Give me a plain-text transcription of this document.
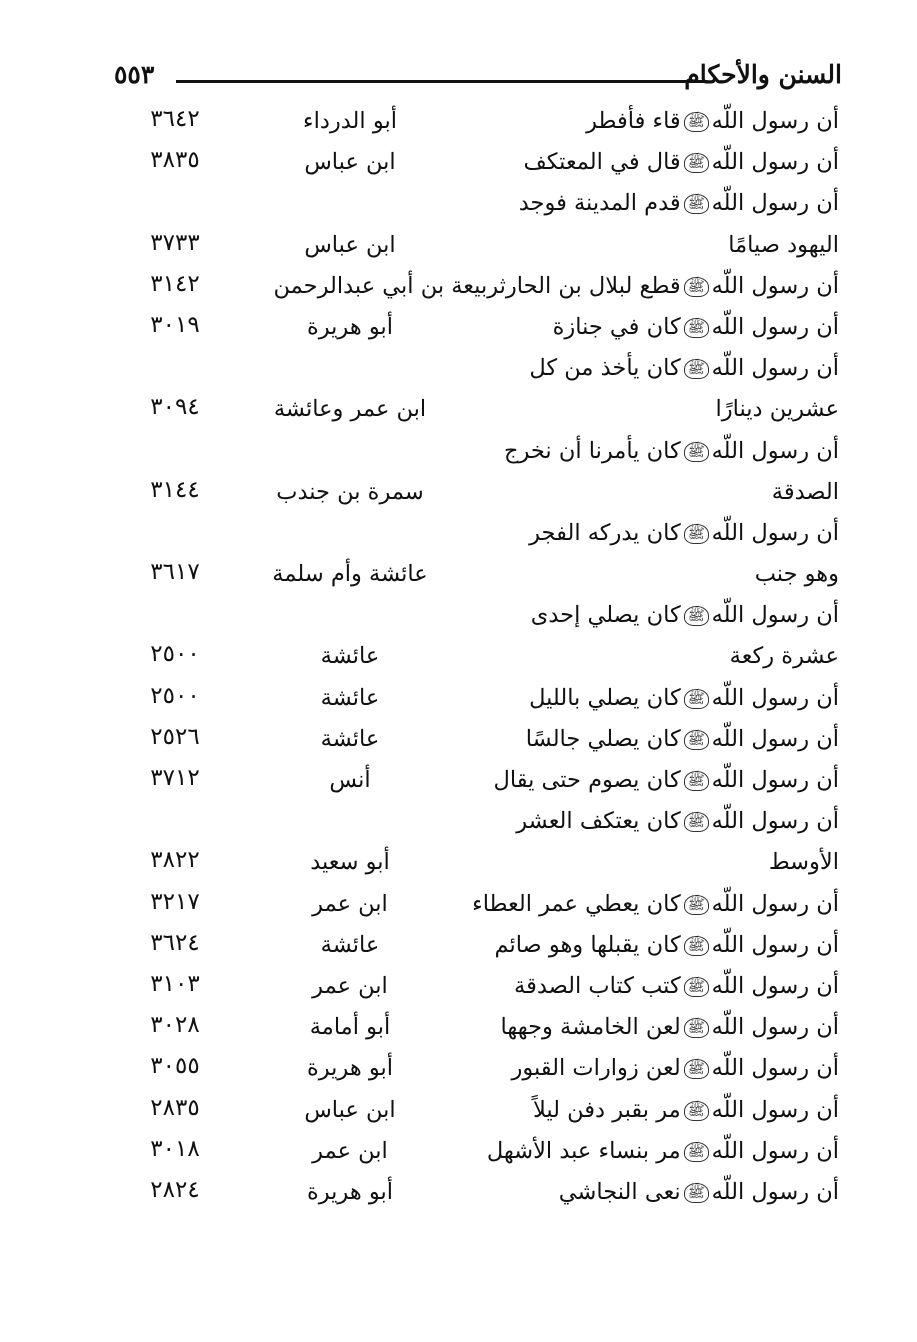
٥٥٣	السنن والأحكام
أن رسول اللّهﷺقاء فأفطر
أبو الدرداء
٣٦٤٢
أن رسول اللّهﷺقال في المعتكف
ابن عباس
٣٨٣٥
أن رسول اللّهﷺقدم المدينة فوجد
اليهود صيامًا
ابن عباس
٣٧٣٣
أن رسول اللّهﷺقطع لبلال بن الحارثربيعة بن أبي عبدالرحمن
٣١٤٢
أن رسول اللّهﷺكان في جنازة
أبو هريرة
٣٠١٩
أن رسول اللّهﷺكان يأخذ من كل
عشرين دينارًا
ابن عمر وعائشة
٣٠٩٤
أن رسول اللّهﷺكان يأمرنا أن نخرج
الصدقة
سمرة بن جندب
٣١٤٤
أن رسول اللّهﷺكان يدركه الفجر
وهو جنب
عائشة وأم سلمة
٣٦١٧
أن رسول اللّهﷺكان يصلي إحدى
عشرة ركعة
عائشة
٢٥٠٠
أن رسول اللّهﷺكان يصلي بالليل
عائشة
٢٥٠٠
أن رسول اللّهﷺكان يصلي جالسًا
عائشة
٢٥٢٦
أن رسول اللّهﷺكان يصوم حتى يقال
أنس
٣٧١٢
أن رسول اللّهﷺكان يعتكف العشر
الأوسط
أبو سعيد
٣٨٢٢
أن رسول اللّهﷺكان يعطي عمر العطاء
ابن عمر
٣٢١٧
أن رسول اللّهﷺكان يقبلها وهو صائم
عائشة
٣٦٢٤
أن رسول اللّهﷺكتب كتاب الصدقة
ابن عمر
٣١٠٣
أن رسول اللّهﷺلعن الخامشة وجهها
أبو أمامة
٣٠٢٨
أن رسول اللّهﷺلعن زوارات القبور
أبو هريرة
٣٠٥٥
أن رسول اللّهﷺمر بقبر دفن ليلاً
ابن عباس
٢٨٣٥
أن رسول اللّهﷺمر بنساء عبد الأشهل
ابن عمر
٣٠١٨
أن رسول اللّهﷺنعى النجاشي
أبو هريرة
٢٨٢٤
